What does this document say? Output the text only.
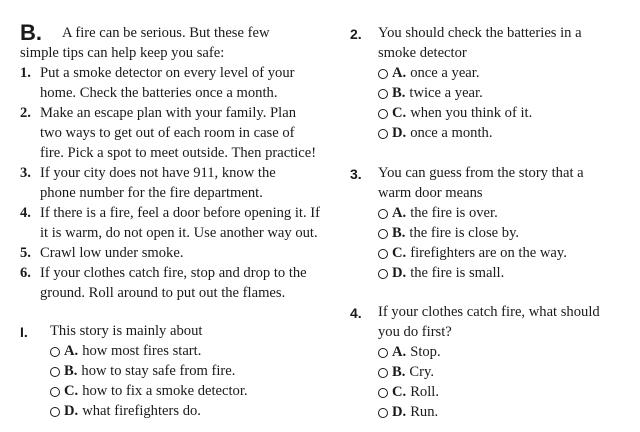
B. A fire can be serious. But these few
simple tips can help keep you safe:
1. Put a smoke detector on every level of your
home. Check the batteries once a month.
2. Make an escape plan with your family. Plan
two ways to get out of each room in case of
fire. Pick a spot to meet outside. Then practice!
3. If your city does not have 911, know the
phone number for the fire department.
4. If there is a fire, feel a door before opening it. If
it is warm, do not open it. Use another way out.
5. Crawl low under smoke.
6. If your clothes catch fire, stop and drop to the
ground. Roll around to put out the flames.
I. This story is mainly about
A. how most fires start.
B. how to stay safe from fire.
C. how to fix a smoke detector.
D. what firefighters do.
2. You should check the batteries in a
smoke detector
A. once a year.
B. twice a year.
C. when you think of it.
D. once a month.
3. You can guess from the story that a
warm door means
A. the fire is over.
B. the fire is close by.
C. firefighters are on the way.
D. the fire is small.
4. If your clothes catch fire, what should
you do first?
A. Stop.
B. Cry.
C. Roll.
D. Run.
